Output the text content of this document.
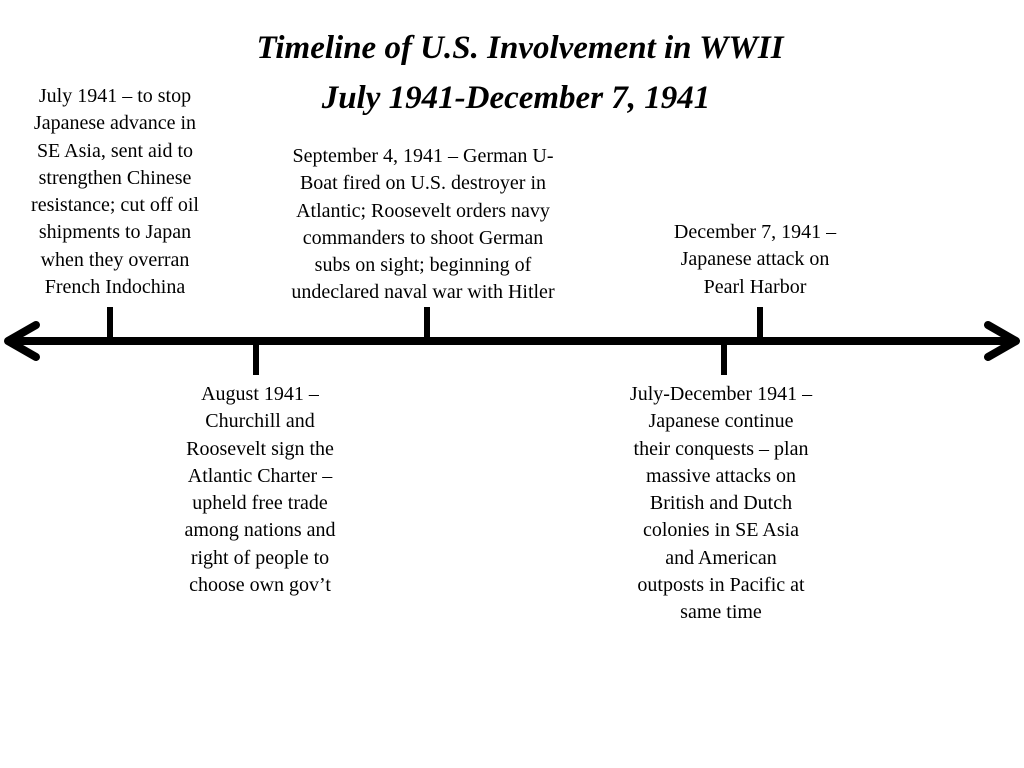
Timeline of U.S. Involvement in WWII
July 1941-December 7, 1941
July 1941 – to stop
Japanese advance in
SE Asia, sent aid to
strengthen Chinese
resistance; cut off oil
shipments to Japan
when they overran
French Indochina
September 4, 1941 – German U-
Boat fired on U.S. destroyer in
Atlantic; Roosevelt orders navy
commanders to shoot German
subs on sight; beginning of
undeclared naval war with Hitler
December 7, 1941 –
Japanese attack on
Pearl Harbor
August 1941 –
Churchill and
Roosevelt sign the
Atlantic Charter –
upheld free trade
among nations and
right of people to
choose own gov’t
July-December 1941 –
Japanese continue
their conquests – plan
massive attacks on
British and Dutch
colonies in SE Asia
and American
outposts in Pacific at
same time
